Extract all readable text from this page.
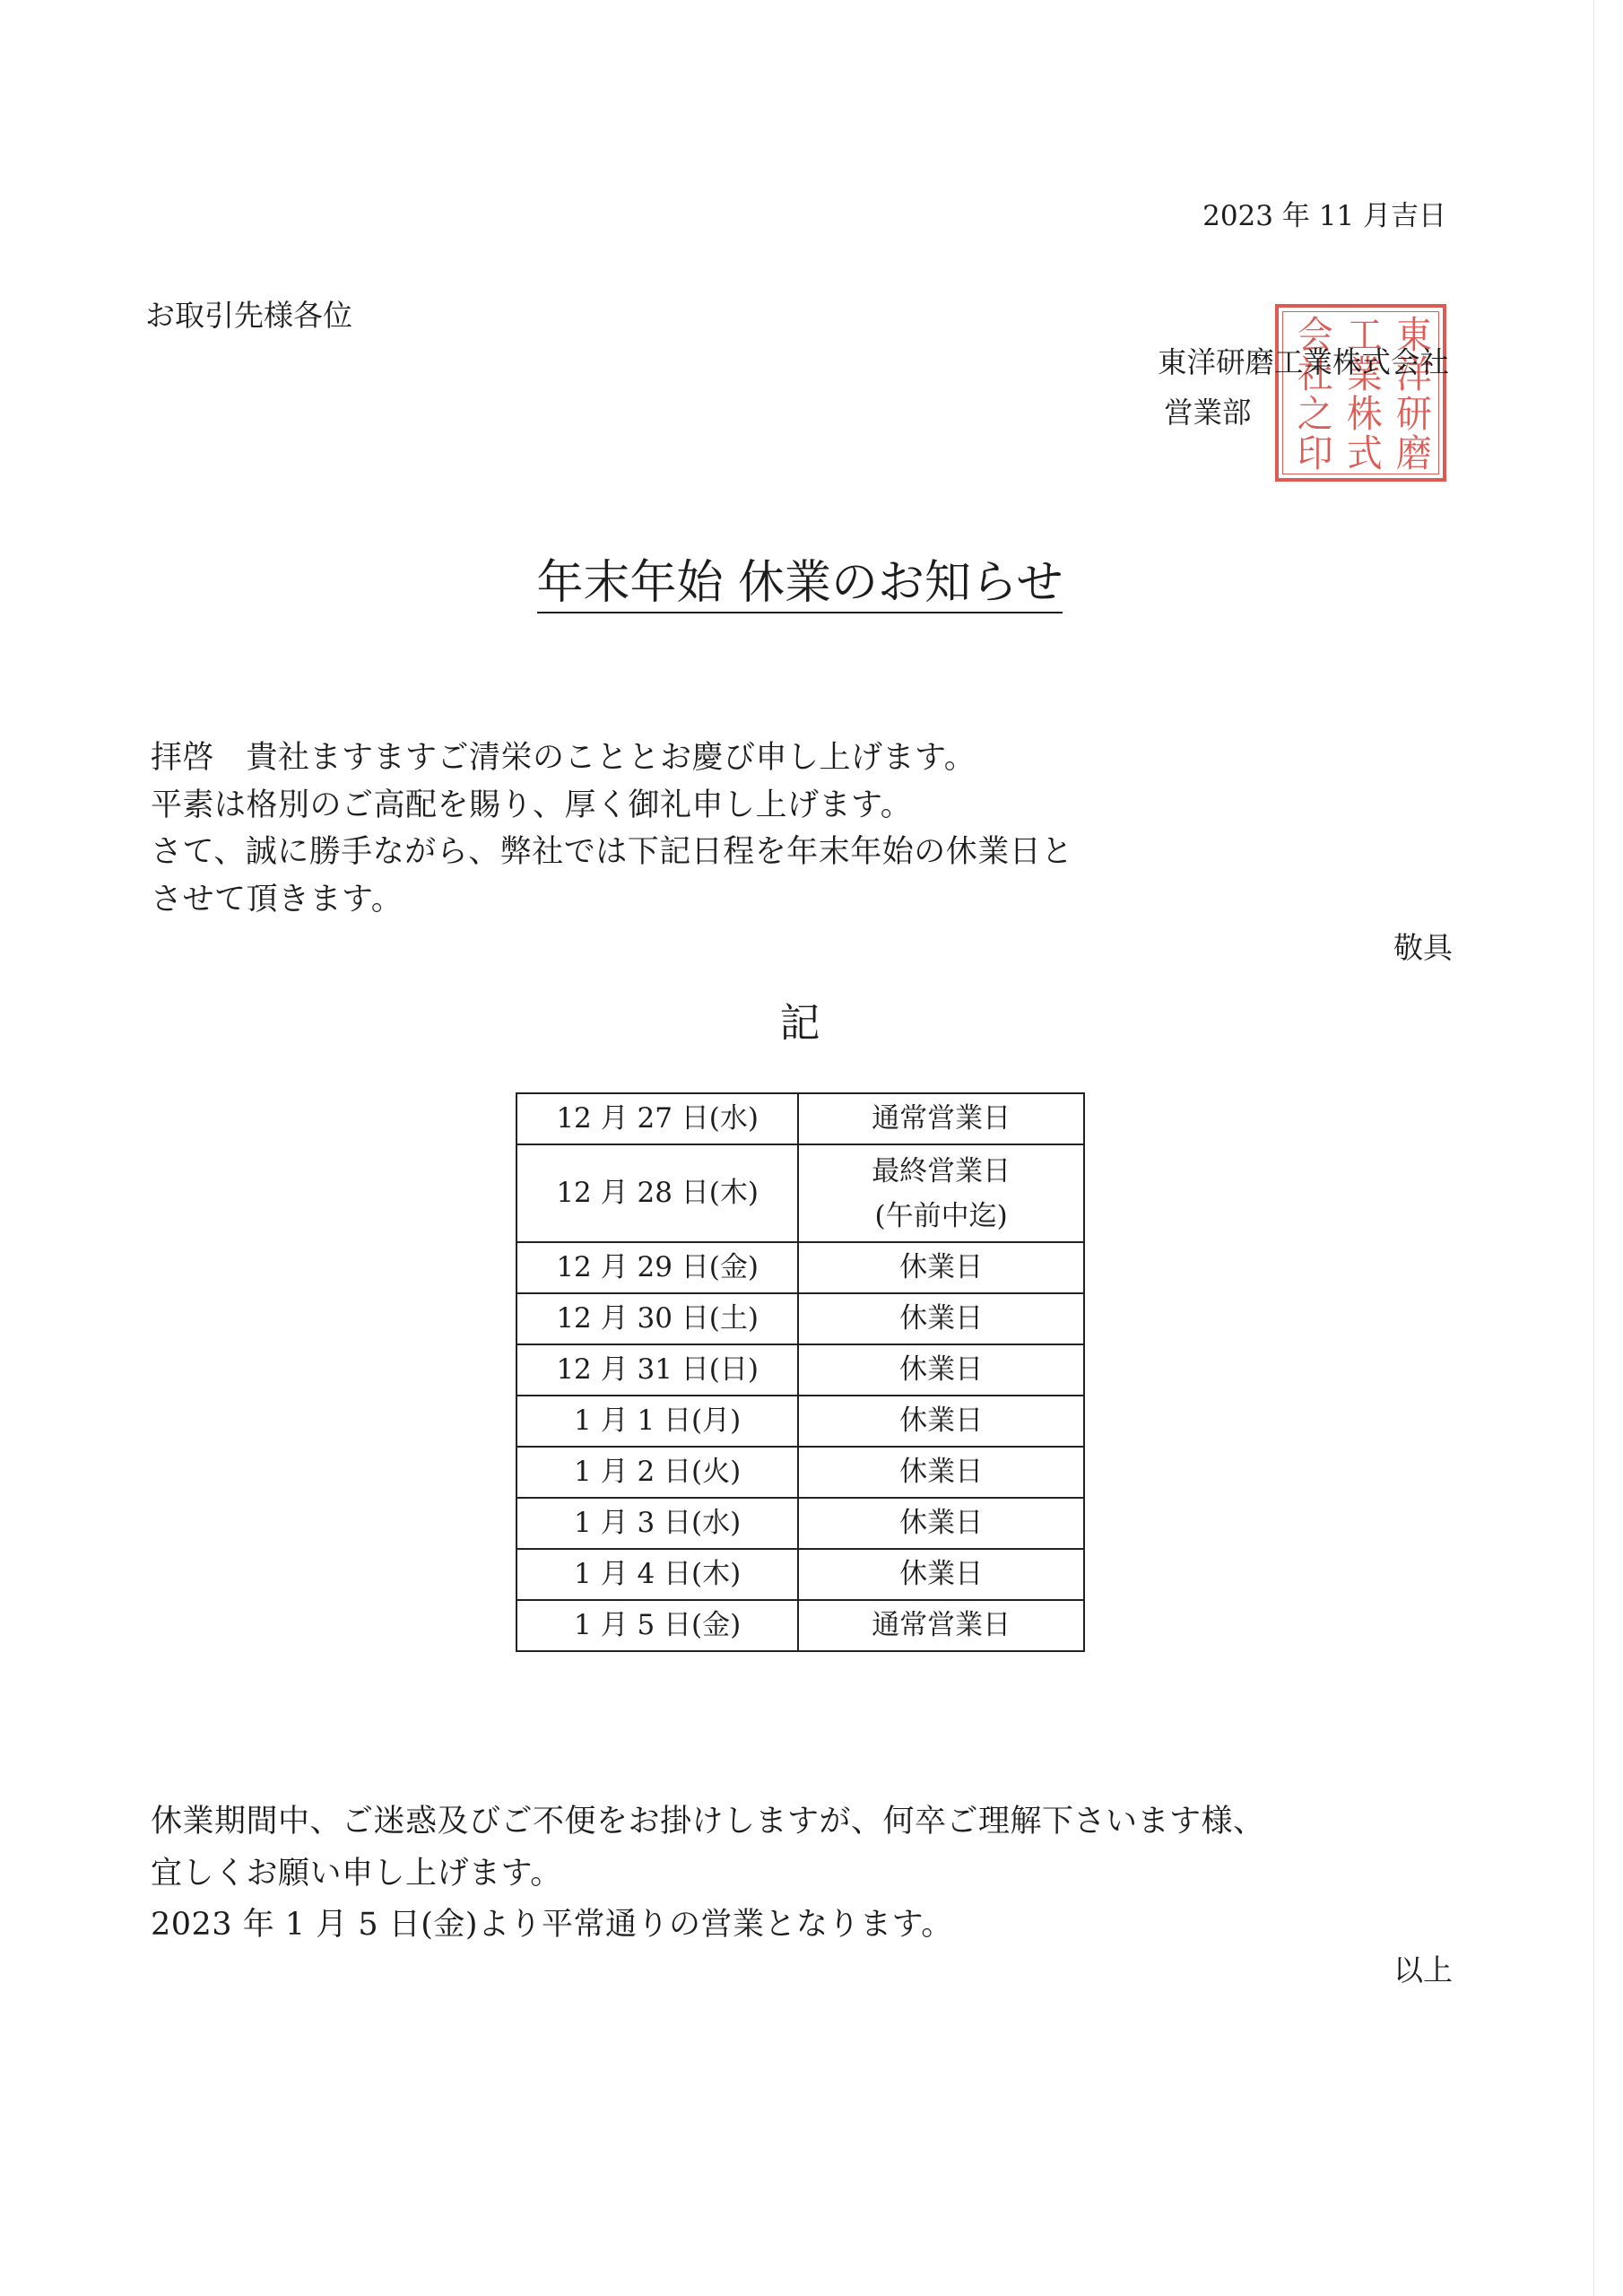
2023 年 11 月吉日
お取引先様各位
東洋研磨工業株式会社
営業部	東洋研磨工業株式会社之印
年末年始 休業のお知らせ
拝啓　貴社ますますご清栄のこととお慶び申し上げます。
平素は格別のご高配を賜り、厚く御礼申し上げます。
さて、誠に勝手ながら、弊社では下記日程を年末年始の休業日と
させて頂きます。
敬具
記
12 月 27 日(水)	通常営業日
12 月 28 日(木)	最終営業日
(午前中迄)

12 月 29 日(金)	休業日
12 月 30 日(土)	休業日
12 月 31 日(日)	休業日
1 月 1 日(月)	休業日
1 月 2 日(火)	休業日
1 月 3 日(水)	休業日
1 月 4 日(木)	休業日
1 月 5 日(金)	通常営業日
休業期間中、ご迷惑及びご不便をお掛けしますが、何卒ご理解下さいます様、
宜しくお願い申し上げます。
2023 年 1 月 5 日(金)より平常通りの営業となります。
以上
